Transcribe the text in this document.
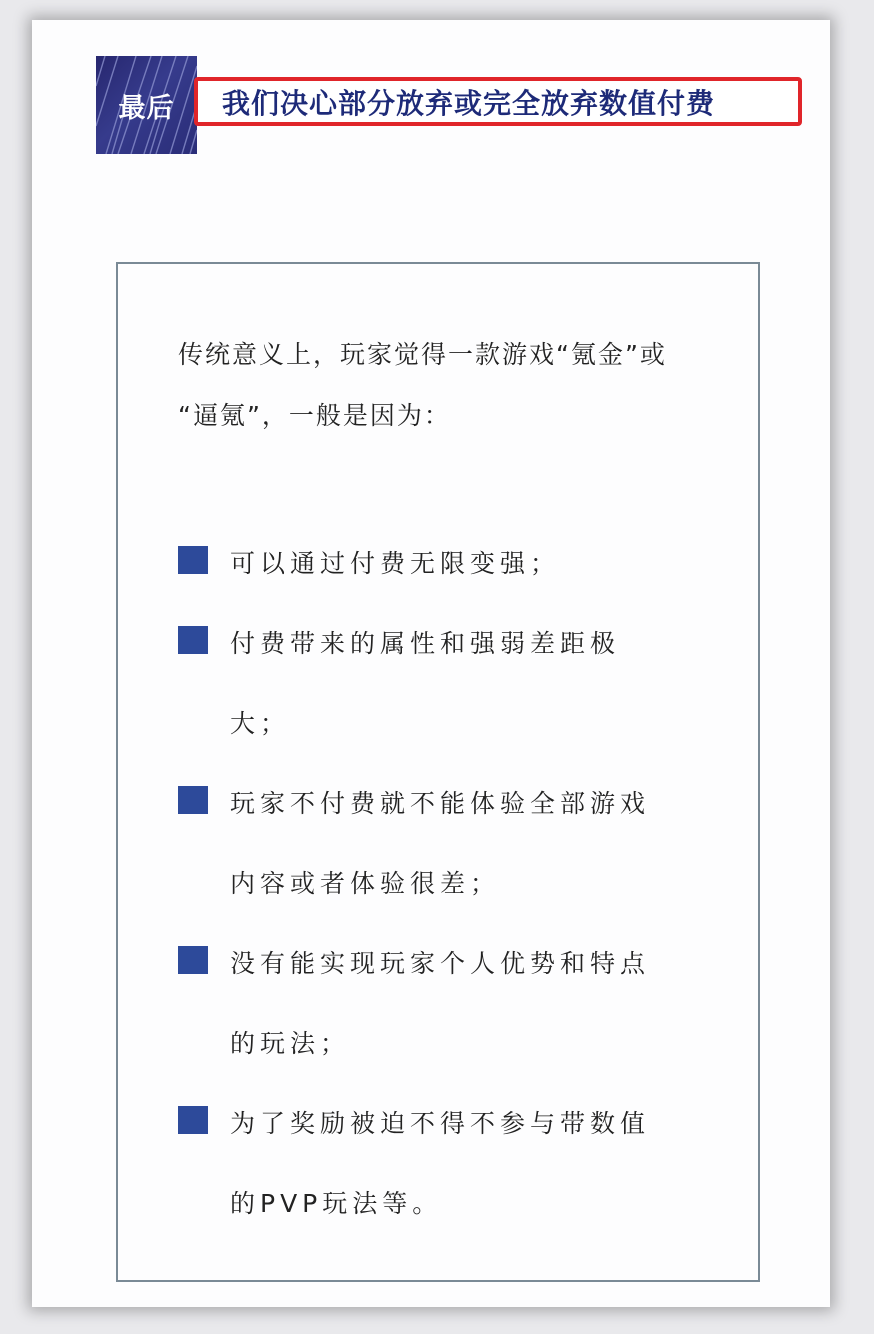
最后	我们决心部分放弃或完全放弃数值付费
传统意义上，玩家觉得一款游戏“氪金”或
“逼氪”，一般是因为：
可以通过付费无限变强；
付费带来的属性和强弱差距极大；
玩家不付费就不能体验全部游戏内容或者体验很差；
没有能实现玩家个人优势和特点的玩法；
为了奖励被迫不得不参与带数值的PVP玩法等。
